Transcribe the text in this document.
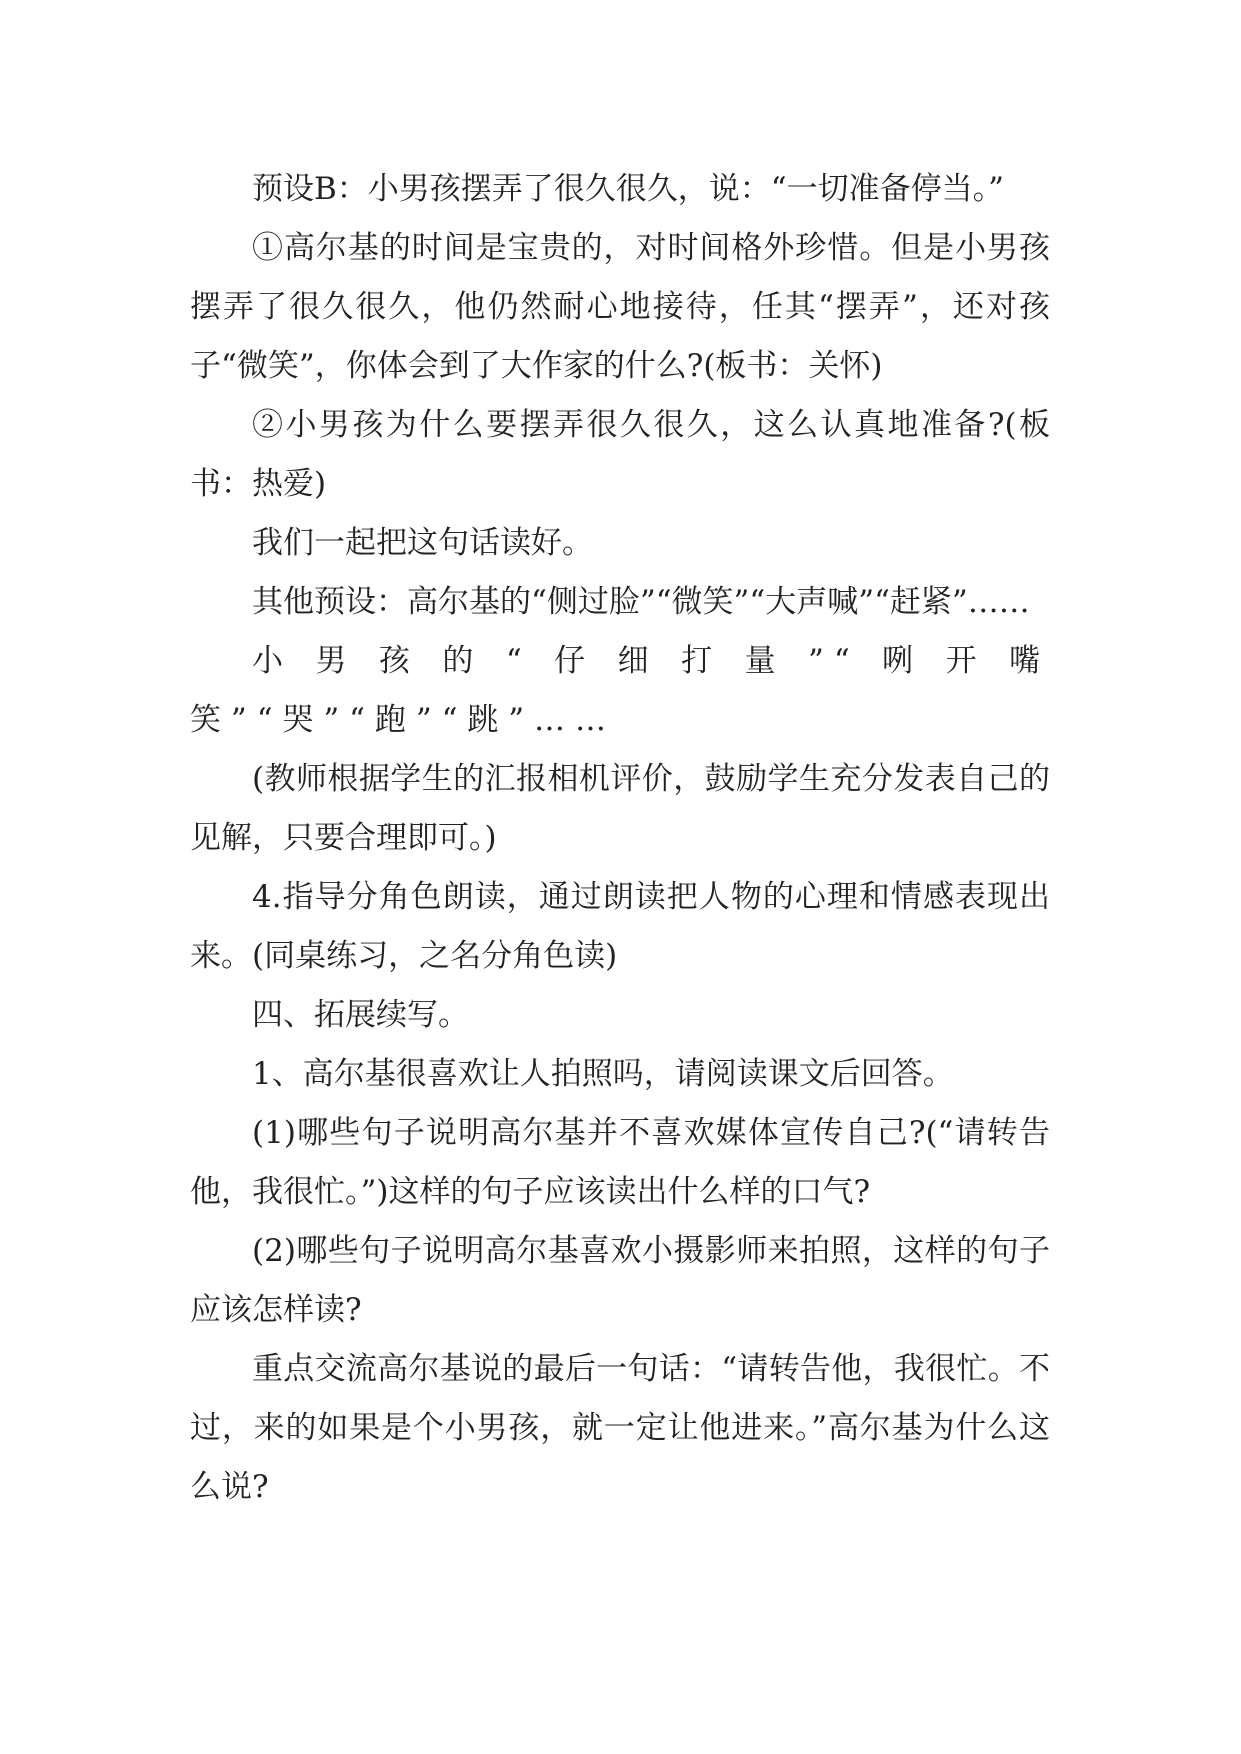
预设B：小男孩摆弄了很久很久，说：“一切准备停当。”

①高尔基的时间是宝贵的，对时间格外珍惜。但是小男孩摆弄了很久很久，他仍然耐心地接待，任其“摆弄”，还对孩子“微笑”，你体会到了大作家的什么?(板书：关怀)

②小男孩为什么要摆弄很久很久，这么认真地准备?(板书：热爱)

我们一起把这句话读好。

其他预设：高尔基的“侧过脸”“微笑”“大声喊”“赶紧”……

小男孩的“仔细打量”“咧开嘴笑”“哭”“跑”“跳”……

(教师根据学生的汇报相机评价，鼓励学生充分发表自己的见解，只要合理即可。)

4.指导分角色朗读，通过朗读把人物的心理和情感表现出来。(同桌练习，之名分角色读)

四、拓展续写。

1、高尔基很喜欢让人拍照吗，请阅读课文后回答。

(1)哪些句子说明高尔基并不喜欢媒体宣传自己?(“请转告他，我很忙。”)这样的句子应该读出什么样的口气?

(2)哪些句子说明高尔基喜欢小摄影师来拍照，这样的句子应该怎样读?

重点交流高尔基说的最后一句话：“请转告他，我很忙。不过，来的如果是个小男孩，就一定让他进来。”高尔基为什么这么说?
